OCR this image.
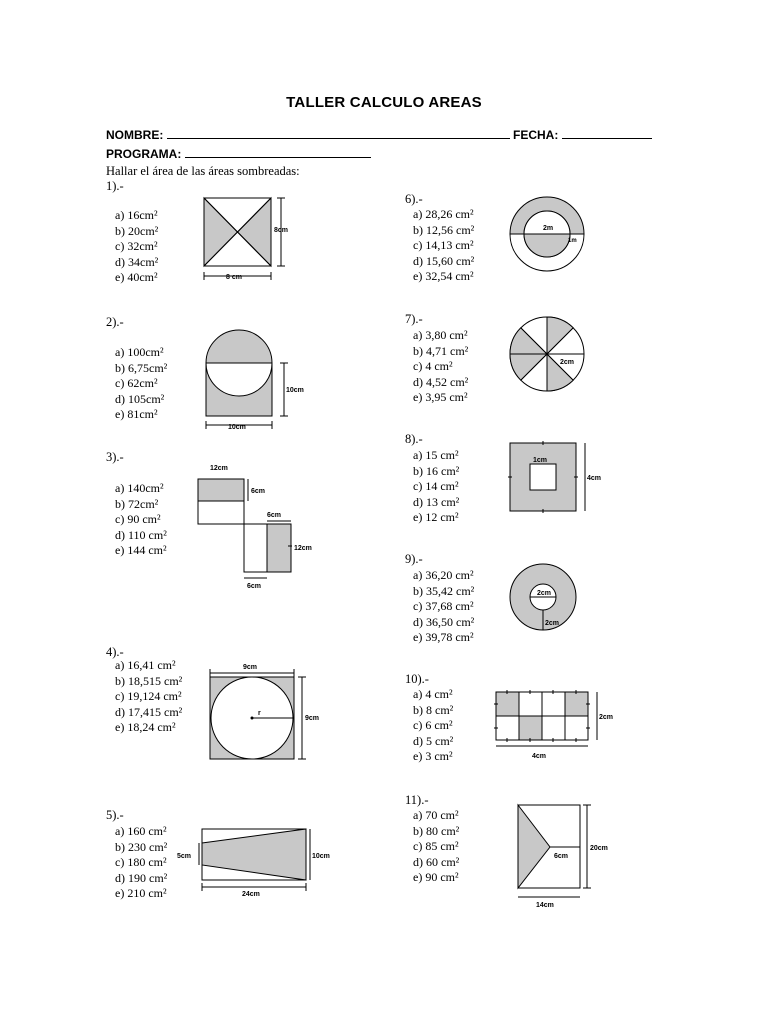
TALLER CALCULO AREAS
NOMBRE:	FECHA:
PROGRAMA:
Hallar el área de las áreas sombreadas:
1).-
a) 16cm²
b) 20cm²
c) 32cm²
d) 34cm²
e) 40cm²
8cm
8 cm
2).-
a) 100cm²
b) 6,75cm²
c) 62cm²
d) 105cm²
e) 81cm²
10cm
10cm
3).-
a) 140cm²
b) 72cm²
c) 90 cm²
d) 110 cm²
e) 144 cm²
12cm
6cm
6cm
12cm
6cm
4).-
a) 16,41 cm²
b) 18,515 cm²
c) 19,124 cm²
d) 17,415 cm²
e) 18,24 cm²
9cm
r
9cm
5).-
a) 160 cm²
b) 230 cm²
c) 180 cm²
d) 190 cm²
e) 210 cm²
5cm	10cm
24cm
6).-
a) 28,26 cm²
b) 12,56 cm²
c) 14,13 cm²
d) 15,60 cm²
e) 32,54 cm²
2m
1m
7).-
a) 3,80 cm²
b) 4,71 cm²
c) 4 cm²
d) 4,52 cm²
e) 3,95 cm²
2cm
8).-
a) 15 cm²
b) 16 cm²
c) 14 cm²
d) 13 cm²
e) 12 cm²
1cm
4cm
9).-
a) 36,20 cm²
b) 35,42 cm²
c) 37,68 cm²
d) 36,50 cm²
e) 39,78 cm²
2cm
2cm
10).-
a) 4 cm²
b) 8 cm²
c) 6 cm²
d) 5 cm²
e) 3 cm²
2cm
4cm
11).-
a) 70 cm²
b) 80 cm²
c) 85 cm²
d) 60 cm²
e) 90 cm²
6cm
20cm
14cm
